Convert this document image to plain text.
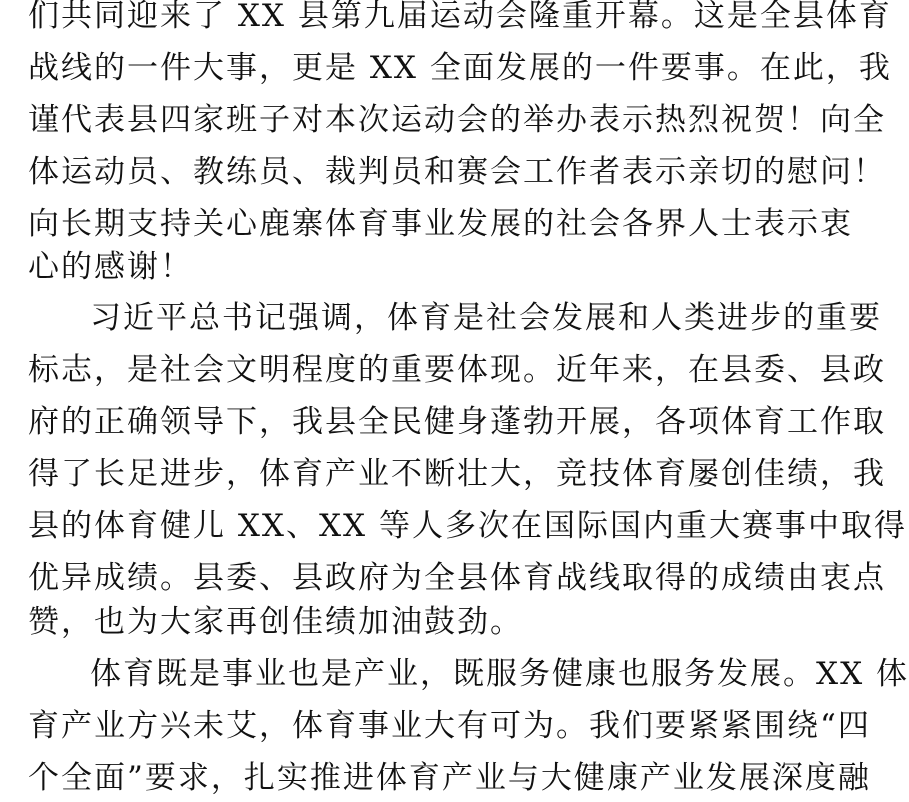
们共同迎来了 XX 县第九届运动会隆重开幕。这是全县体育
战线的一件大事，更是 XX 全面发展的一件要事。在此，我
谨代表县四家班子对本次运动会的举办表示热烈祝贺！向全
体运动员、教练员、裁判员和赛会工作者表示亲切的慰问！
向长期支持关心鹿寨体育事业发展的社会各界人士表示衷
心的感谢！
习近平总书记强调，体育是社会发展和人类进步的重要
标志，是社会文明程度的重要体现。近年来，在县委、县政
府的正确领导下，我县全民健身蓬勃开展，各项体育工作取
得了长足进步，体育产业不断壮大，竞技体育屡创佳绩，我
县的体育健儿 XX、XX 等人多次在国际国内重大赛事中取得
优异成绩。县委、县政府为全县体育战线取得的成绩由衷点
赞，也为大家再创佳绩加油鼓劲。
体育既是事业也是产业，既服务健康也服务发展。XX 体
育产业方兴未艾，体育事业大有可为。我们要紧紧围绕“四
个全面”要求，扎实推进体育产业与大健康产业发展深度融
